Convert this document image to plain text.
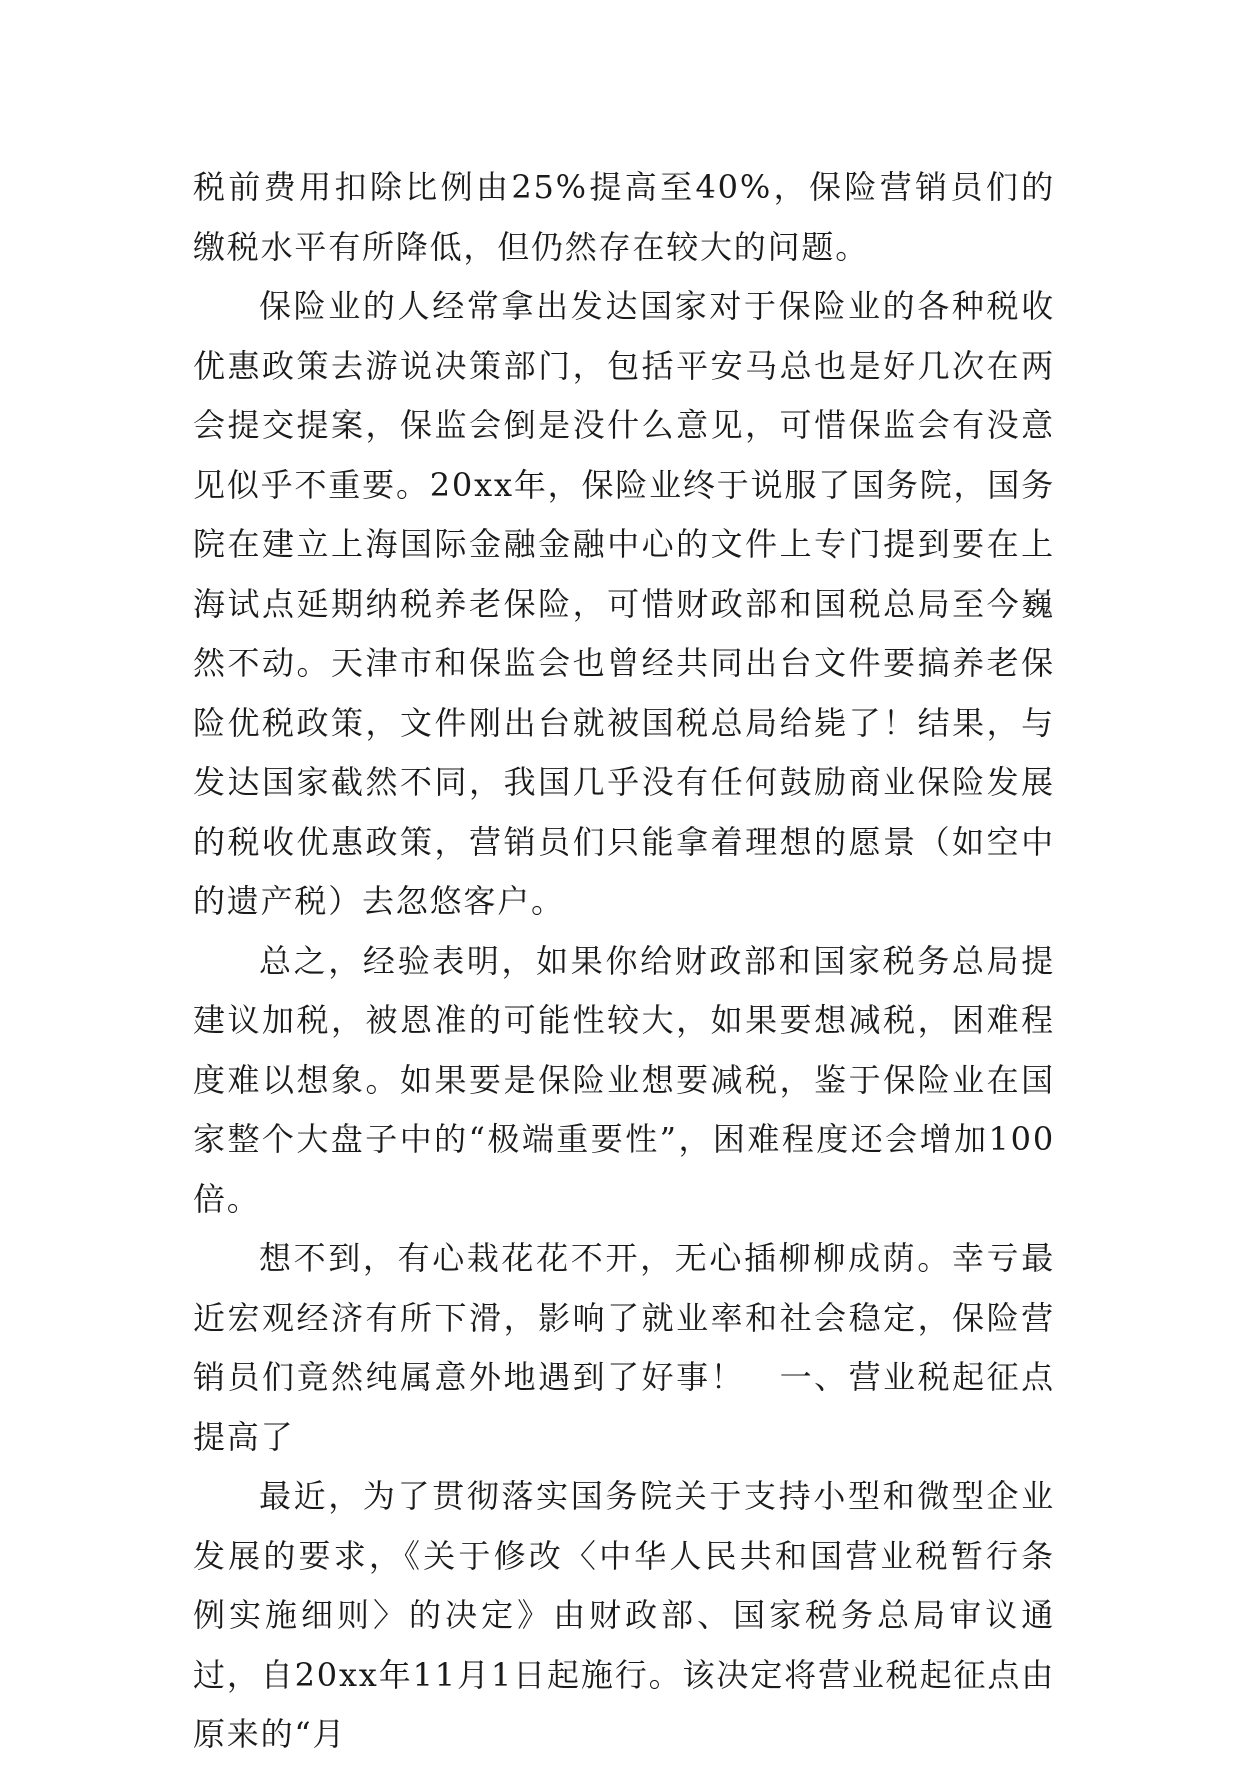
税前费用扣除比例由25%提高至40%，保险营销员们的缴税水平有所降低，但仍然存在较大的问题。

保险业的人经常拿出发达国家对于保险业的各种税收优惠政策去游说决策部门，包括平安马总也是好几次在两会提交提案，保监会倒是没什么意见，可惜保监会有没意见似乎不重要。20xx年，保险业终于说服了国务院，国务院在建立上海国际金融金融中心的文件上专门提到要在上海试点延期纳税养老保险，可惜财政部和国税总局至今巍然不动。天津市和保监会也曾经共同出台文件要搞养老保险优税政策，文件刚出台就被国税总局给毙了！结果，与发达国家截然不同，我国几乎没有任何鼓励商业保险发展的税收优惠政策，营销员们只能拿着理想的愿景（如空中的遗产税）去忽悠客户。

总之，经验表明，如果你给财政部和国家税务总局提建议加税，被恩准的可能性较大，如果要想减税，困难程度难以想象。如果要是保险业想要减税，鉴于保险业在国家整个大盘子中的“极端重要性”，困难程度还会增加100倍。

想不到，有心栽花花不开，无心插柳柳成荫。幸亏最近宏观经济有所下滑，影响了就业率和社会稳定，保险营销员们竟然纯属意外地遇到了好事！　一、营业税起征点提高了

最近，为了贯彻落实国务院关于支持小型和微型企业发展的要求，《关于修改〈中华人民共和国营业税暂行条例实施细则〉的决定》由财政部、国家税务总局审议通过，自20xx年11月1日起施行。该决定将营业税起征点由原来的“月
